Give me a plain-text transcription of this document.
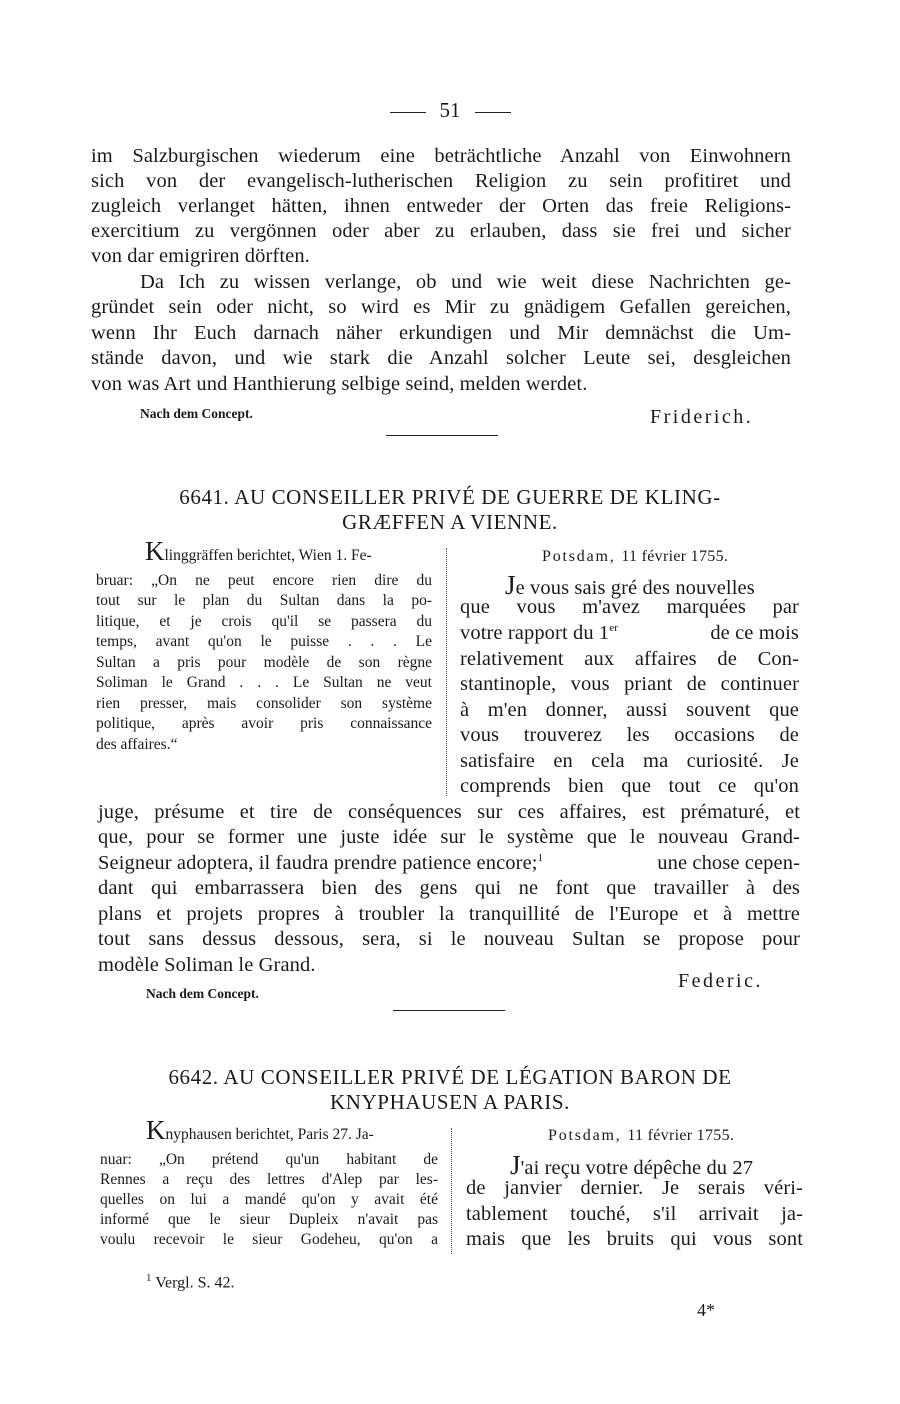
51
im Salzburgischen wiederum eine beträchtliche Anzahl von Einwohnern
sich von der evangelisch-lutherischen Religion zu sein profitiret und
zugleich verlanget hätten, ihnen entweder der Orten das freie Religions-
exercitium zu vergönnen oder aber zu erlauben, dass sie frei und sicher
von dar emigriren dörften.
Da Ich zu wissen verlange, ob und wie weit diese Nachrichten ge-
gründet sein oder nicht, so wird es Mir zu gnädigem Gefallen gereichen,
wenn Ihr Euch darnach näher erkundigen und Mir demnächst die Um-
stände davon, und wie stark die Anzahl solcher Leute sei, desgleichen
von was Art und Hanthierung selbige seind, melden werdet.
Nach dem Concept.	Friderich.
6641. AU CONSEILLER PRIVÉ DE GUERRE DE KLING-
GRÆFFEN A VIENNE.
Klinggräffen berichtet, Wien 1. Fe-
bruar: „On ne peut encore rien dire du
tout sur le plan du Sultan dans la po-
litique, et je crois qu'il se passera du
temps, avant qu'on le puisse . . . Le
Sultan a pris pour modèle de son règne
Soliman le Grand . . . Le Sultan ne veut
rien presser, mais consolider son système
politique, après avoir pris connaissance
des affaires.“
Potsdam, 11 février 1755.
Je vous sais gré des nouvelles
que vous m'avez marquées par
votre rapport du 1er	de ce mois
relativement aux affaires de Con-
stantinople, vous priant de continuer
à m'en donner, aussi souvent que
vous trouverez les occasions de
satisfaire en cela ma curiosité. Je
comprends bien que tout ce qu'on
juge, présume et tire de conséquences sur ces affaires, est prématuré, et
que, pour se former une juste idée sur le système que le nouveau Grand-
Seigneur adoptera, il faudra prendre patience encore;$^1$	une chose cepen-
dant qui embarrassera bien des gens qui ne font que travailler à des
plans et projets propres à troubler la tranquillité de l'Europe et à mettre
tout sans dessus dessous, sera, si le nouveau Sultan se propose pour
modèle Soliman le Grand.
Federic.
Nach dem Concept.
6642. AU CONSEILLER PRIVÉ DE LÉGATION BARON DE
KNYPHAUSEN A PARIS.
Knyphausen berichtet, Paris 27. Ja-
nuar: „On prétend qu'un habitant de
Rennes a reçu des lettres d'Alep par les-
quelles on lui a mandé qu'on y avait été
informé que le sieur Dupleix n'avait pas
voulu recevoir le sieur Godeheu, qu'on a
Potsdam, 11 février 1755.
J'ai reçu votre dépêche du 27
de janvier dernier. Je serais véri-
tablement touché, s'il arrivait ja-
mais que les bruits qui vous sont
$^1$ Vergl. S. 42.
4*
